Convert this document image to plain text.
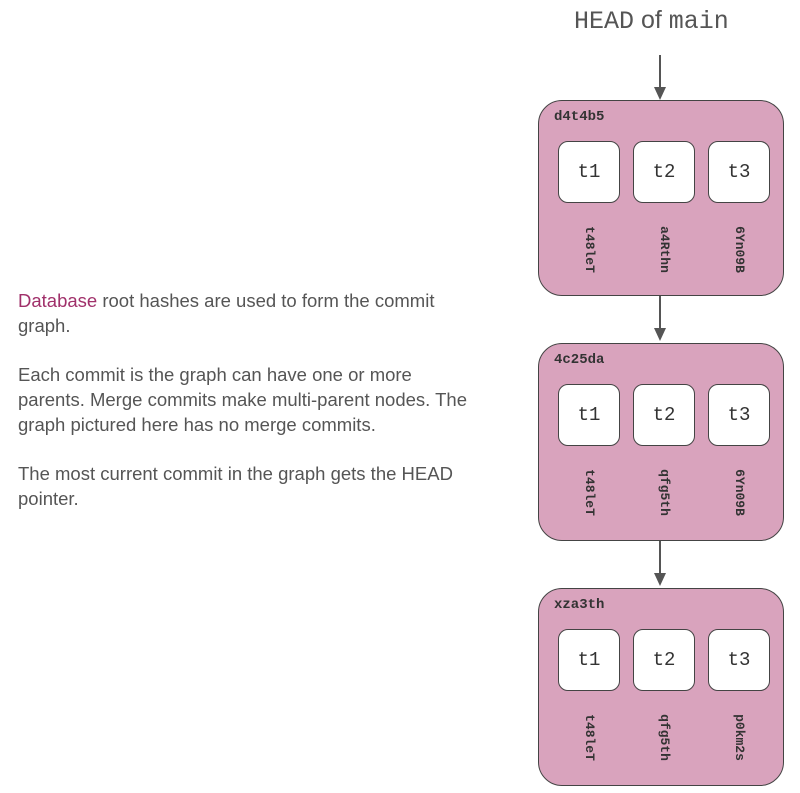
Database root hashes are used to form the commit graph.

Each commit is the graph can have one or more parents. Merge commits make multi-parent nodes. The graph pictured here has no merge commits.

The most current commit in the graph gets the HEAD pointer.

HEAD of main
d4t4b5
t1	t2	t3
t48leT	a4Rthn	6Yn09B
4c25da
t1	t2	t3
t48leT	qfg5th	6Yn09B
xza3th
t1	t2	t3
t48leT	qfg5th	p0km2s
